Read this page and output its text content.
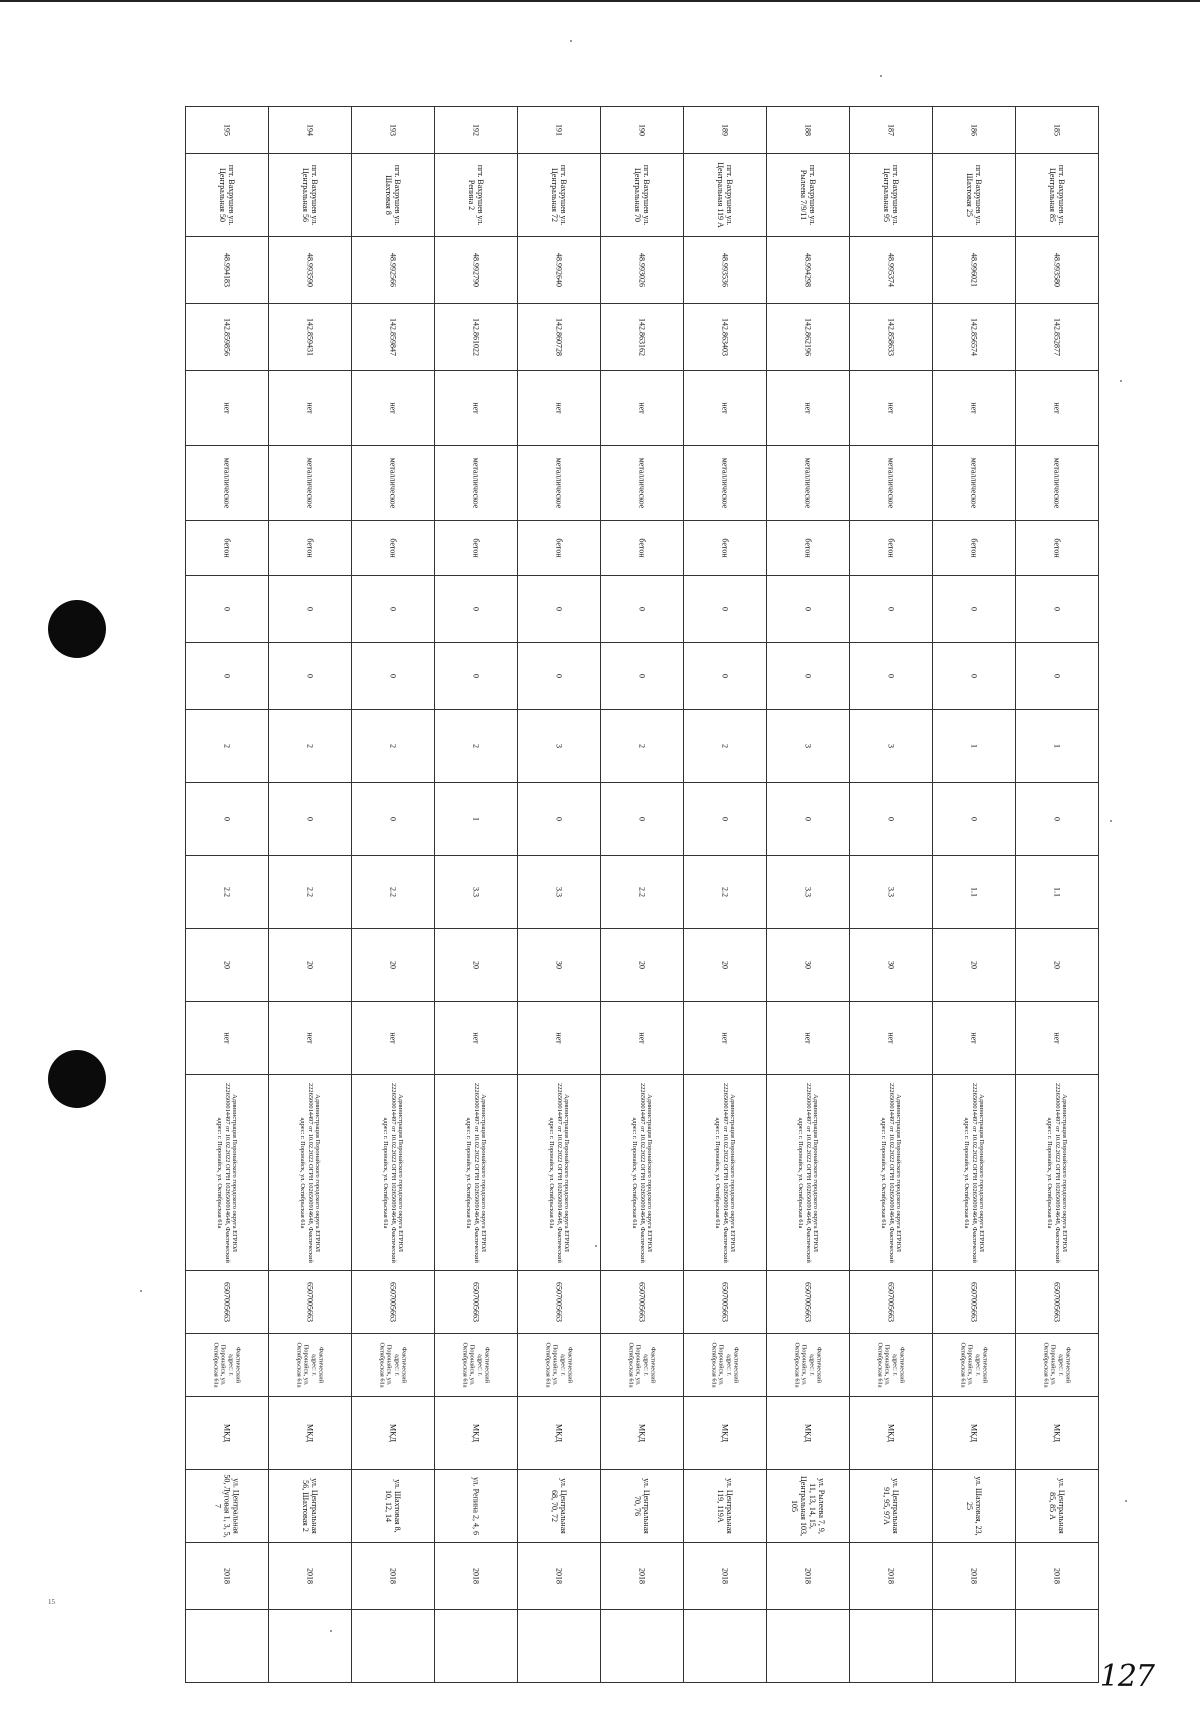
195	194	193	192	191	190	189	188	187	186	185

пгт. Вахрушев ул. Центральная 50	пгт. Вахрушев ул. Центральная 56	пгт. Вахрушев ул. Шахтовая 8	пгт. Вахрушев ул. Репина 2	пгт. Вахрушев ул. Центральная 72	пгт. Вахрушев ул. Центральная 70	пгт. Вахрушев ул. Центральная 119 А	пгт. Вахрушев ул. Рылеева 7/9/11	пгт. Вахрушев ул. Центральная 95	пгт. Вахрушев ул. Шахтовая 25	пгт. Вахрушев ул. Центральная 85

48.994183	48.993590	48.992566	48.992790	48.992640	48.993026	48.993536	48.994298	48.995374	48.996021	48.993580

142.859856	142.859431	142.859847	142.861022	142.860728	142.863162	142.863403	142.862196	142.858633	142.856574	142.852877

нет	нет	нет	нет	нет	нет	нет	нет	нет	нет	нет

металлическое	металлическое	металлическое	металлическое	металлическое	металлическое	металлическое	металлическое	металлическое	металлическое	металлическое

бетон	бетон	бетон	бетон	бетон	бетон	бетон	бетон	бетон	бетон	бетон

0	0	0	0	0	0	0	0	0	0	0

0	0	0	0	0	0	0	0	0	0	0

2	2	2	2	3	2	2	3	3	1	1

0	0	0	1	0	0	0	0	0	0	0

2.2	2.2	2.2	3.3	3.3	2.2	2.2	3.3	3.3	1.1	1.1

20	20	20	20	30	20	20	30	30	20	20

нет	нет	нет	нет	нет	нет	нет	нет	нет	нет	нет

Администрация Поронайского городского округа ЕГРЮЛ 2226500014497 от 10.02.2022 ОГРН 1026500914648, Фактический адрес: г. Поронайск, ул. Октябрьская 61а	Администрация Поронайского городского округа ЕГРЮЛ 2226500014497 от 10.02.2022 ОГРН 1026500914648, Фактический адрес: г. Поронайск, ул. Октябрьская 61а	Администрация Поронайского городского округа ЕГРЮЛ 2226500014497 от 10.02.2022 ОГРН 1026500914648, Фактический адрес: г. Поронайск, ул. Октябрьская 61а	Администрация Поронайского городского округа ЕГРЮЛ 2226500014497 от 10.02.2022 ОГРН 1026500914648, Фактический адрес: г. Поронайск, ул. Октябрьская 61а	Администрация Поронайского городского округа ЕГРЮЛ 2226500014497 от 10.02.2022 ОГРН 1026500914648, Фактический адрес: г. Поронайск, ул. Октябрьская 61а	Администрация Поронайского городского округа ЕГРЮЛ 2226500014497 от 10.02.2022 ОГРН 1026500914648, Фактический адрес: г. Поронайск, ул. Октябрьская 61а	Администрация Поронайского городского округа ЕГРЮЛ 2226500014497 от 10.02.2022 ОГРН 1026500914648, Фактический адрес: г. Поронайск, ул. Октябрьская 61а	Администрация Поронайского городского округа ЕГРЮЛ 2226500014497 от 10.02.2022 ОГРН 1026500914648, Фактический адрес: г. Поронайск, ул. Октябрьская 61а	Администрация Поронайского городского округа ЕГРЮЛ 2226500014497 от 10.02.2022 ОГРН 1026500914648, Фактический адрес: г. Поронайск, ул. Октябрьская 61а	Администрация Поронайского городского округа ЕГРЮЛ 2226500014497 от 10.02.2022 ОГРН 1026500914648, Фактический адрес: г. Поронайск, ул. Октябрьская 61а	Администрация Поронайского городского округа ЕГРЮЛ 2226500014497 от 10.02.2022 ОГРН 1026500914648, Фактический адрес: г. Поронайск, ул. Октябрьская 61а

6507005663	6507005663	6507005663	6507005663	6507005663	6507005663	6507005663	6507005663	6507005663	6507005663	6507005663

Фактический адрес: г. Поронайск, ул. Октябрьская 61а	Фактический адрес: г. Поронайск, ул. Октябрьская 61а	Фактический адрес: г. Поронайск, ул. Октябрьская 61а	Фактический адрес: г. Поронайск, ул. Октябрьская 61а	Фактический адрес: г. Поронайск, ул. Октябрьская 61а	Фактический адрес: г. Поронайск, ул. Октябрьская 61а	Фактический адрес: г. Поронайск, ул. Октябрьская 61а	Фактический адрес: г. Поронайск, ул. Октябрьская 61а	Фактический адрес: г. Поронайск, ул. Октябрьская 61а	Фактический адрес: г. Поронайск, ул. Октябрьская 61а	Фактический адрес: г. Поронайск, ул. Октябрьская 61а

МКД	МКД	МКД	МКД	МКД	МКД	МКД	МКД	МКД	МКД	МКД

ул. Центральная 50, Луговая 1, 3, 5, 7	ул. Центральная 56, Шахтовая 2	ул. Шахтовая 8, 10, 12, 14	ул. Репина 2, 4, 6	ул. Центральная 68, 70, 72	ул. Центральная 70, 76	ул. Центральная 119, 119А	ул. Рылеева 7, 9, 11, 13, 14, 15, Центральная 103, 105	ул. Центральная 91, 95, 97А	ул. Шахтовая, 23, 25	ул. Центральная 85, 85 А

2018	2018	2018	2018	2018	2018	2018	2018	2018	2018	2018

15
127
